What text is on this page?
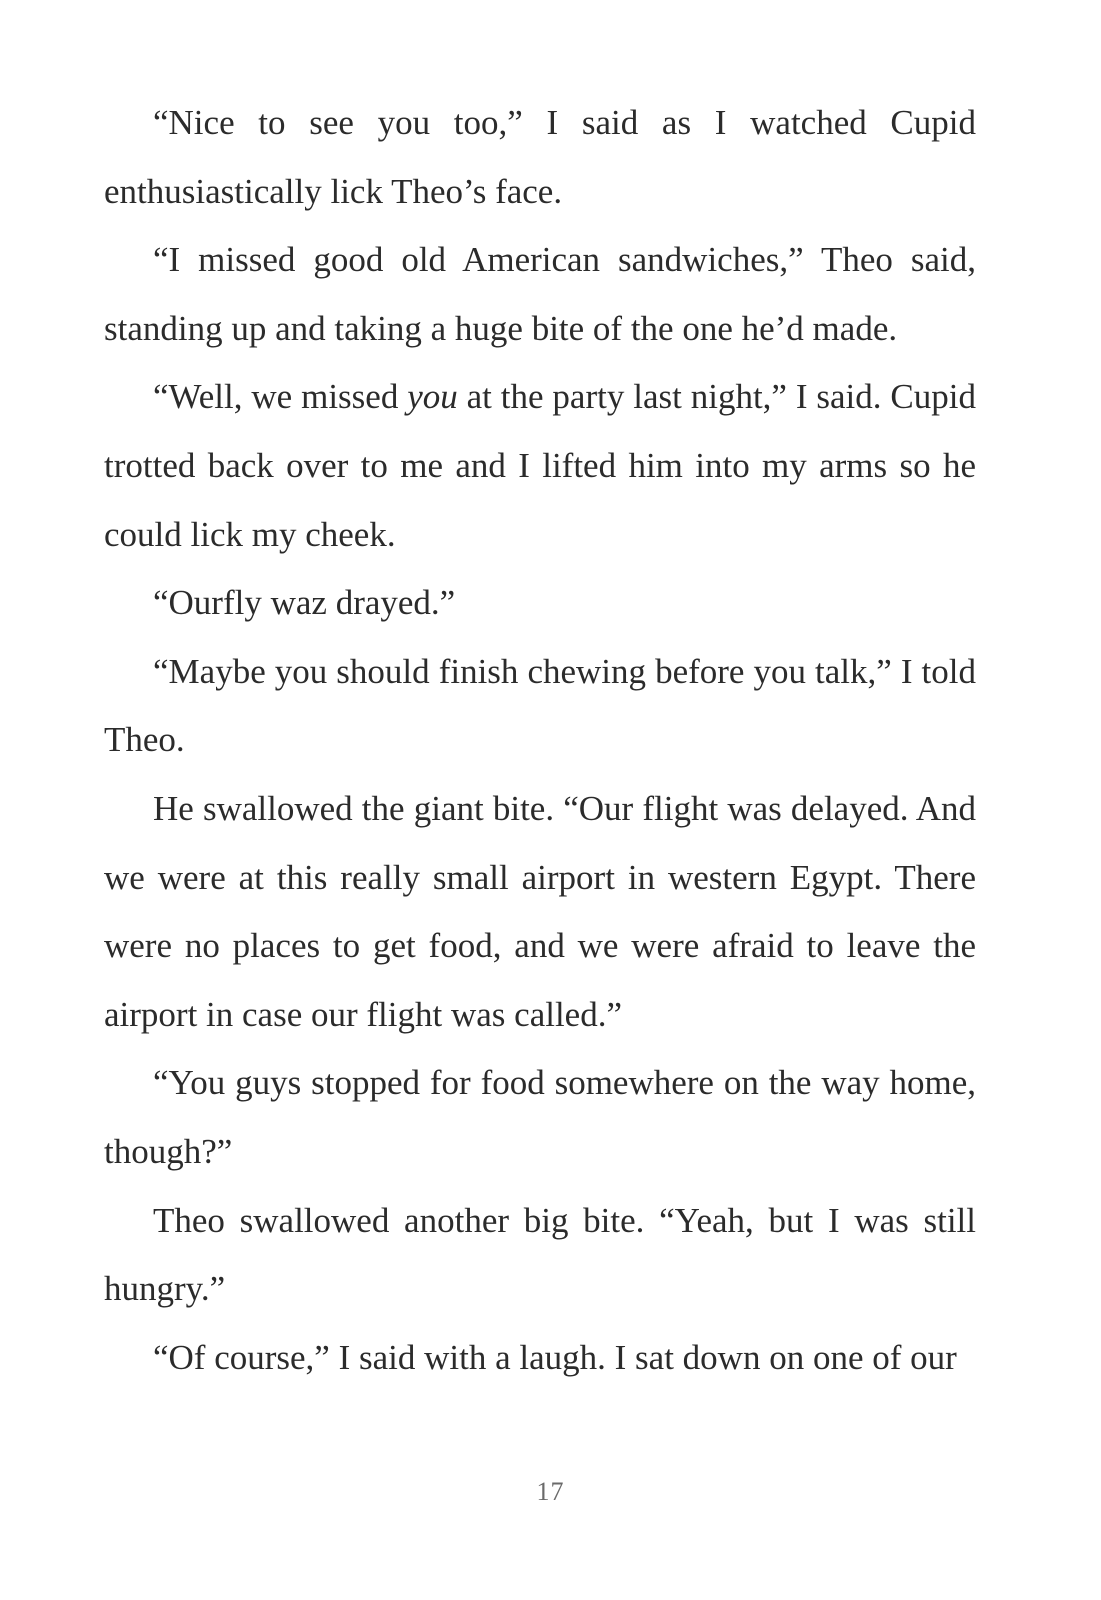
“Nice to see you too,” I said as I watched Cupid enthusiastically lick Theo’s face.

“I missed good old American sandwiches,” Theo said, standing up and taking a huge bite of the one he’d made.

“Well, we missed you at the party last night,” I said. Cupid trotted back over to me and I lifted him into my arms so he could lick my cheek.

“Ourfly waz drayed.”

“Maybe you should finish chewing before you talk,” I told Theo.

He swallowed the giant bite. “Our flight was delayed. And we were at this really small airport in western Egypt. There were no places to get food, and we were afraid to leave the airport in case our flight was called.”

“You guys stopped for food somewhere on the way home, though?”

Theo swallowed another big bite. “Yeah, but I was still hungry.”

“Of course,” I said with a laugh. I sat down on one of our

17
